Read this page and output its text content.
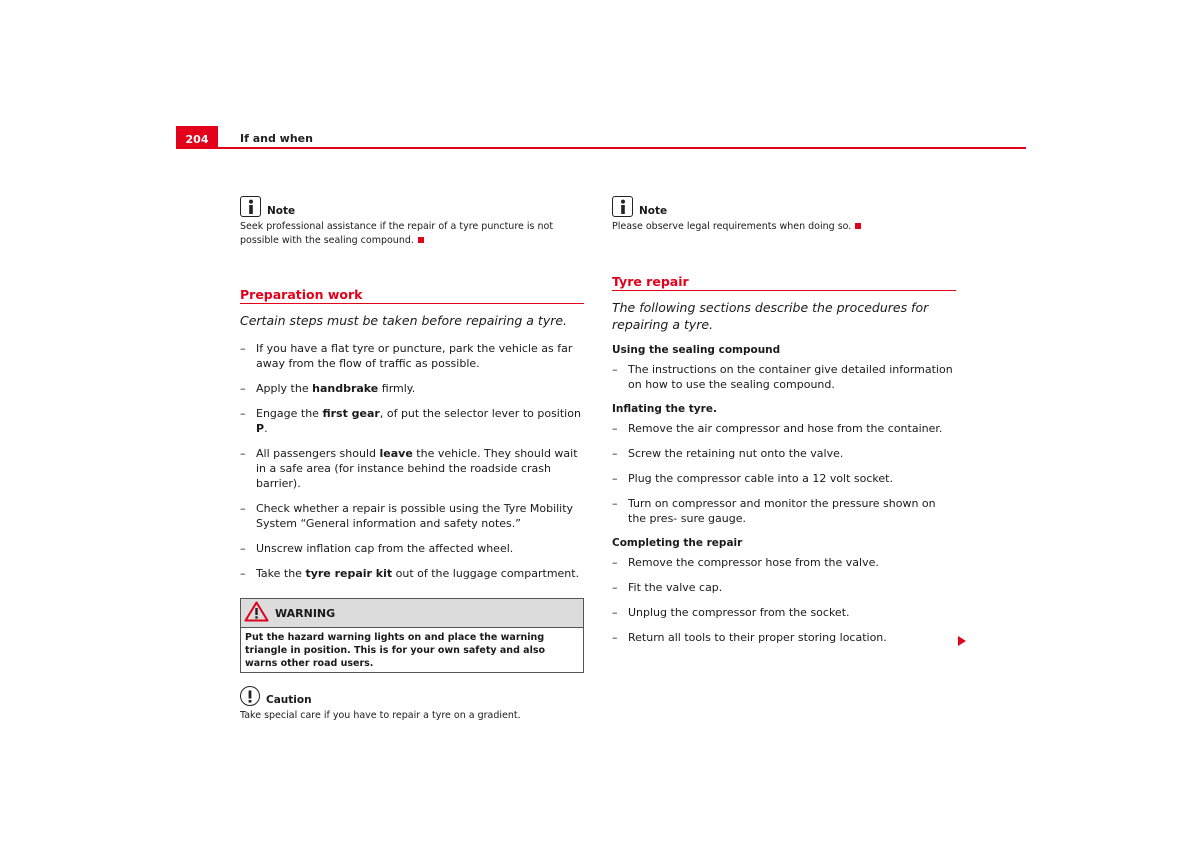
204	If and when
Note
Seek professional assistance if the repair of a tyre puncture is not possible with the sealing compound.
Preparation work
Certain steps must be taken before repairing a tyre.
– If you have a flat tyre or puncture, park the vehicle as far away from the flow of traffic as possible.
– Apply the handbrake firmly.
– Engage the first gear, of put the selector lever to position P.
– All passengers should leave the vehicle. They should wait in a safe area (for instance behind the roadside crash barrier).
– Check whether a repair is possible using the Tyre Mobility System “General information and safety notes.”
– Unscrew inflation cap from the affected wheel.
– Take the tyre repair kit out of the luggage compartment.
WARNING
Put the hazard warning lights on and place the warning triangle in position. This is for your own safety and also warns other road users.
Caution
Take special care if you have to repair a tyre on a gradient.
Note
Please observe legal requirements when doing so.
Tyre repair
The following sections describe the procedures for repairing a tyre.
Using the sealing compound
– The instructions on the container give detailed information on how to use the sealing compound.
Inflating the tyre.
– Remove the air compressor and hose from the container.
– Screw the retaining nut onto the valve.
– Plug the compressor cable into a 12 volt socket.
– Turn on compressor and monitor the pressure shown on the pres- sure gauge.
Completing the repair
– Remove the compressor hose from the valve.
– Fit the valve cap.
– Unplug the compressor from the socket.
– Return all tools to their proper storing location.
